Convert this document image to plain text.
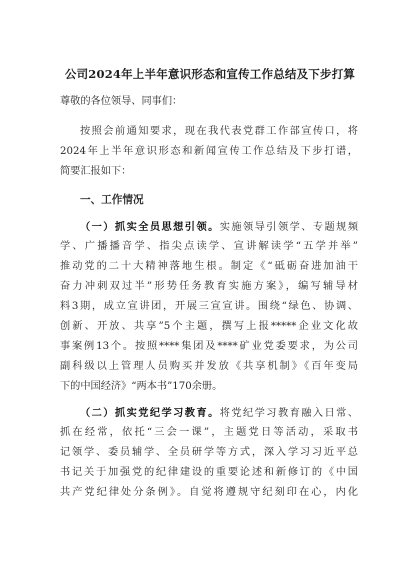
公司2024年上半年意识形态和宣传工作总结及下步打算
尊敬的各位领导、同事们：
按照会前通知要求，现在我代表党群工作部宣传口，将
2024年上半年意识形态和新闻宣传工作总结及下步打谱，
简要汇报如下：
一、工作情况
（一）抓实全员思想引领。实施领导引领学、专题规频
学、广播播音学、指尖点读学、宣讲解读学“五学并举”
推动党的二十大精神落地生根。制定《“砥砺奋进加油干
奋力冲刺双过半”形势任务教育实施方案》，编写辅导材
料3期，成立宣讲团，开展三宣宣讲。围绕“绿色、协调、
创新、开放、共享”5个主题，撰写上报*****企业文化故
事案例13个。按照****集团及****矿业党委要求，为公司
副科级以上管理人员购买并发放《共享机制》《百年变局
下的中国经济》“两本书”170余册。
（二）抓实党纪学习教育。将党纪学习教育融入日常、
抓在经常，依托“三会一课”，主题党日等活动，采取书
记领学、委员辅学、全员研学等方式，深入学习习近平总
书记关于加强党的纪律建设的重要论述和新修订的《中国
共产党纪律处分条例》。自觉将遵规守纪刻印在心，内化
